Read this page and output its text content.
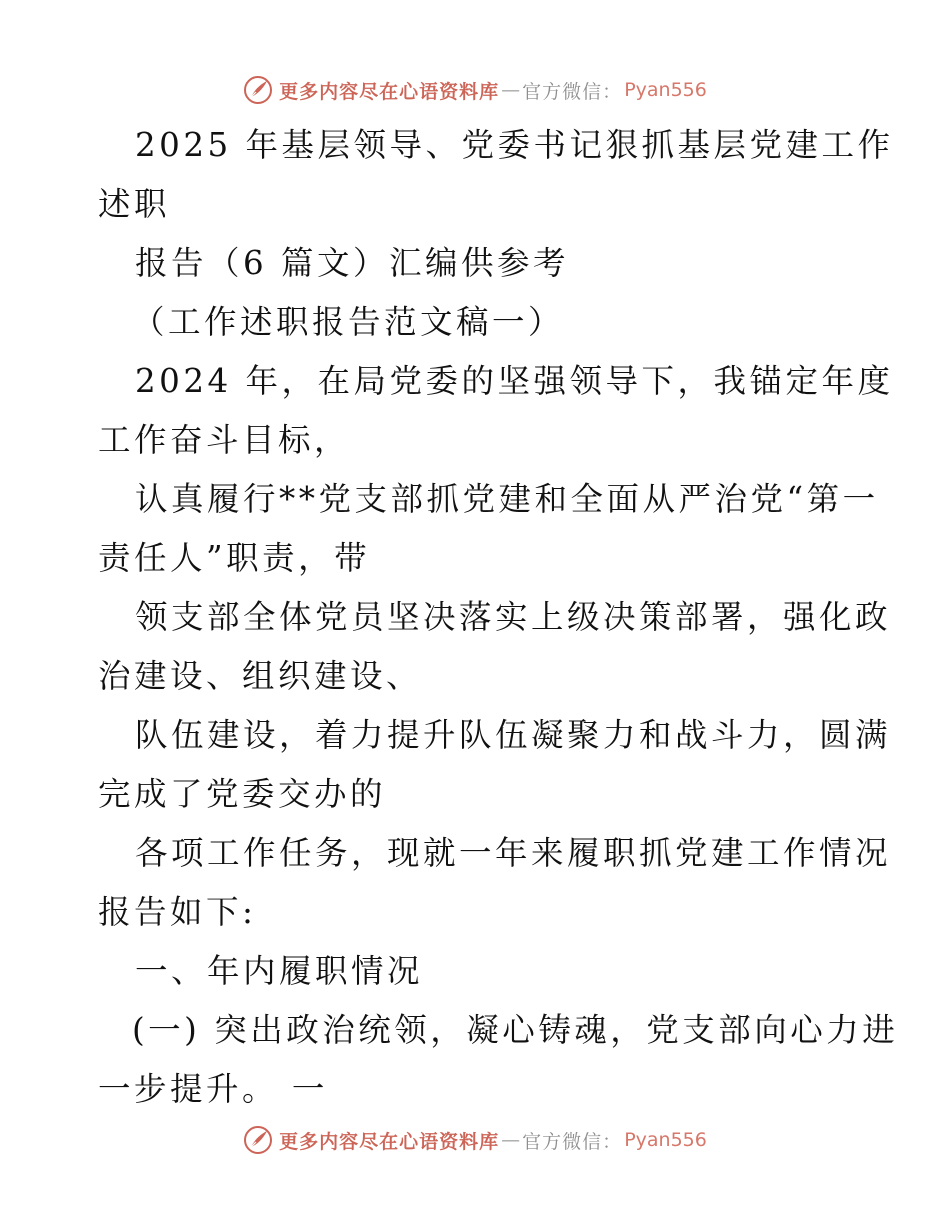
更多内容尽在心语资料库 — 官方微信： Pyan556
2025 年基层领导、党委书记狠抓基层党建工作
述职
报告（6 篇文）汇编供参考
（工作述职报告范文稿一）
2024 年，在局党委的坚强领导下，我锚定年度
工作奋斗目标，
认真履行**党支部抓党建和全面从严治党“第一
责任人”职责，带
领支部全体党员坚决落实上级决策部署，强化政
治建设、组织建设、
队伍建设，着力提升队伍凝聚力和战斗力，圆满
完成了党委交办的
各项工作任务，现就一年来履职抓党建工作情况
报告如下:
一、年内履职情况
(一) 突出政治统领，凝心铸魂，党支部向心力进
一步提升。 一
更多内容尽在心语资料库 — 官方微信： Pyan556
